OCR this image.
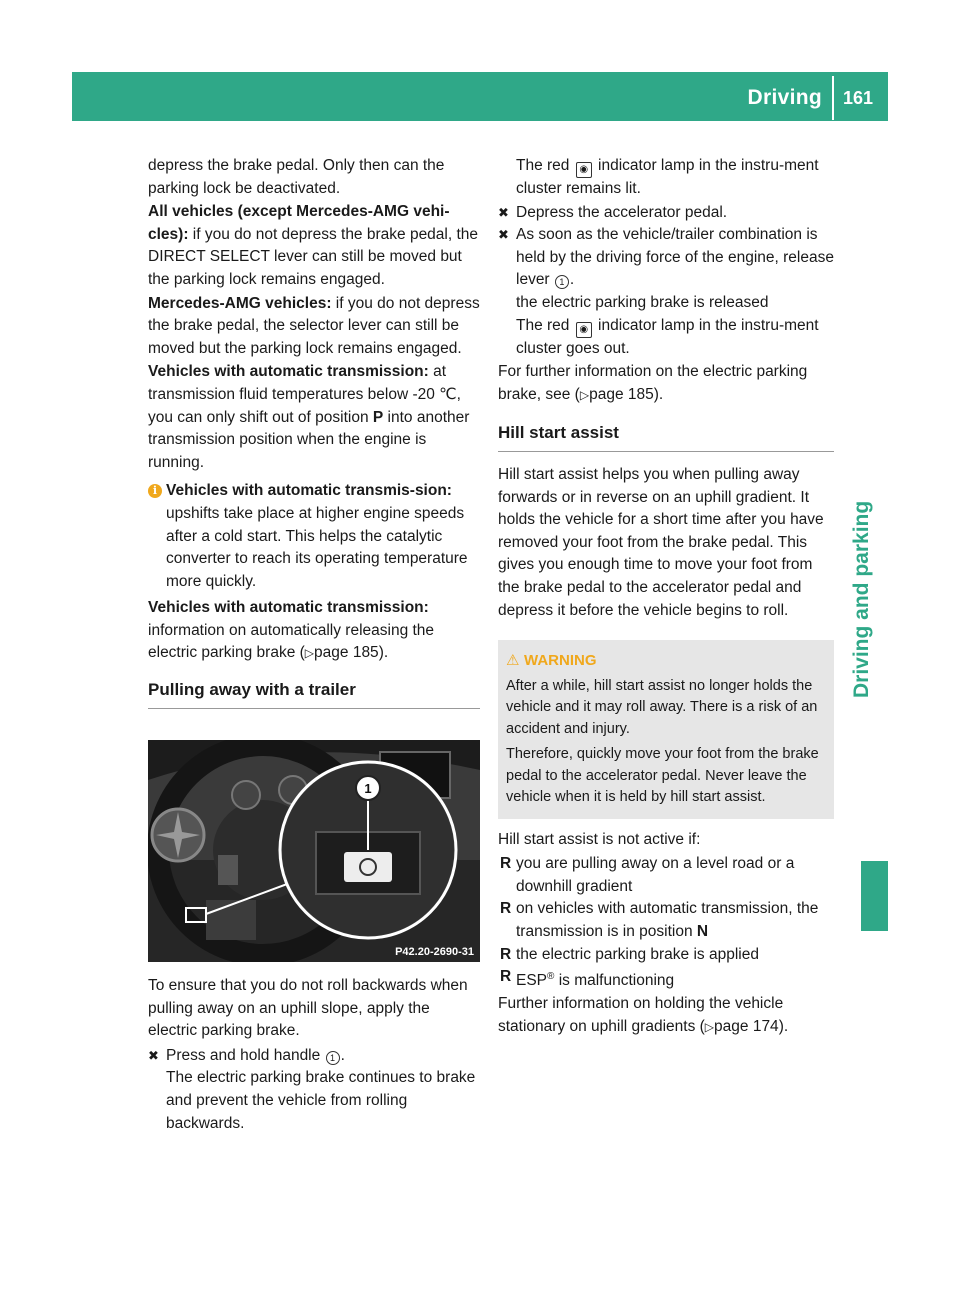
Driving 161
Driving and parking

depress the brake pedal. Only then can the parking lock be deactivated.

All vehicles (except Mercedes-AMG vehi-cles): if you do not depress the brake pedal, the DIRECT SELECT lever can still be moved but the parking lock remains engaged.

Mercedes-AMG vehicles: if you do not depress the brake pedal, the selector lever can still be moved but the parking lock remains engaged.

Vehicles with automatic transmission: at transmission fluid temperatures below -20 ℃, you can only shift out of position P into another transmission position when the engine is running.

i Vehicles with automatic transmis-sion: upshifts take place at higher engine speeds after a cold start. This helps the catalytic converter to reach its operating temperature more quickly.

Vehicles with automatic transmission:
information on automatically releasing the electric parking brake (▷page 185).

Pulling away with a trailer
1
P42.20-2690-31

To ensure that you do not roll backwards when pulling away on an uphill slope, apply the electric parking brake.

✖ Press and hold handle 1 .
The electric parking brake continues to brake and prevent the vehicle from rolling backwards.

The red ◉ indicator lamp in the instru-ment cluster remains lit.

✖ Depress the accelerator pedal.
✖ As soon as the vehicle/trailer combination is held by the driving force of the engine, release lever 1 .
the electric parking brake is released

The red ◉ indicator lamp in the instru-ment cluster goes out.

For further information on the electric parking brake, see (▷page 185).

Hill start assist

Hill start assist helps you when pulling away forwards or in reverse on an uphill gradient. It holds the vehicle for a short time after you have removed your foot from the brake pedal. This gives you enough time to move your foot from the brake pedal to the accelerator pedal and depress it before the vehicle begins to roll.

⚠ WARNING

After a while, hill start assist no longer holds the vehicle and it may roll away. There is a risk of an accident and injury.

Therefore, quickly move your foot from the brake pedal to the accelerator pedal. Never leave the vehicle when it is held by hill start assist.

Hill start assist is not active if:

R you are pulling away on a level road or a downhill gradient
R on vehicles with automatic transmission, the transmission is in position N
R the electric parking brake is applied
R ESP® is malfunctioning

Further information on holding the vehicle stationary on uphill gradients (▷page 174).
